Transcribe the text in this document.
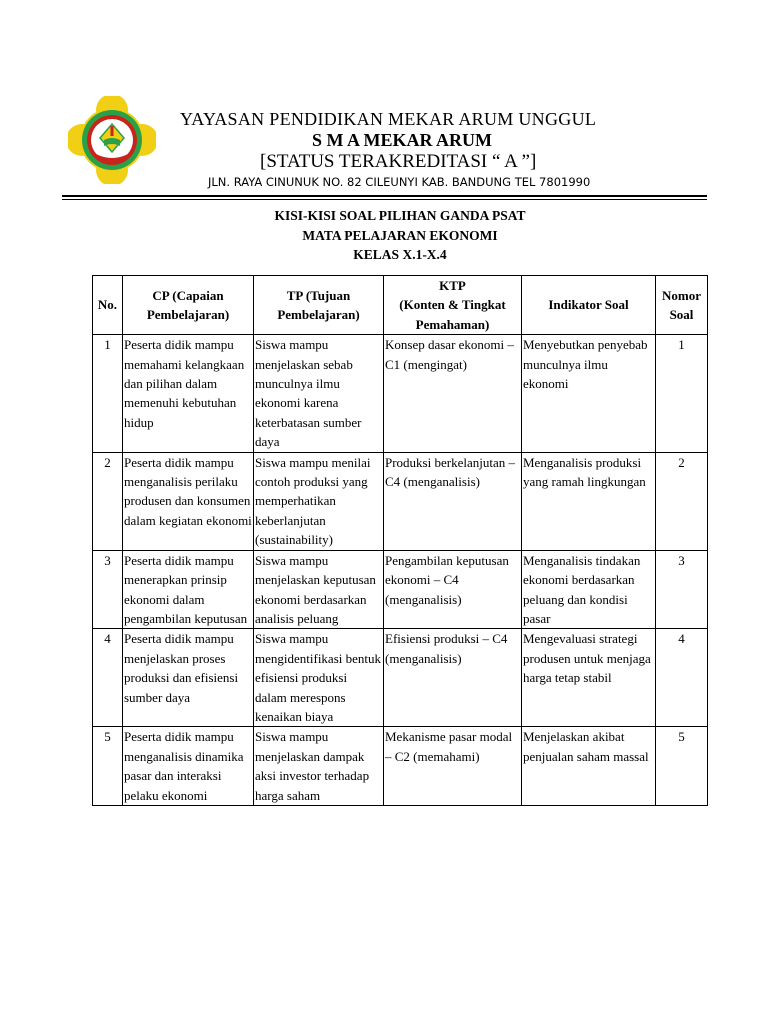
YAYASAN PENDIDIKAN MEKAR ARUM UNGGUL
S M A MEKAR ARUM
[STATUS TERAKREDITASI “ A ”]
JLN. RAYA CINUNUK NO. 82 CILEUNYI KAB. BANDUNG TEL 7801990
KISI-KISI SOAL PILIHAN GANDA PSAT
MATA PELAJARAN EKONOMI
KELAS X.1-X.4
No.	CP (Capaian Pembelajaran)	TP (Tujuan Pembelajaran)	KTP
(Konten & Tingkat Pemahaman)	Indikator Soal	Nomor Soal
1	Peserta didik mampu memahami kelangkaan dan pilihan dalam memenuhi kebutuhan hidup	Siswa mampu menjelaskan sebab munculnya ilmu ekonomi karena keterbatasan sumber daya	Konsep dasar ekonomi – C1 (mengingat)	Menyebutkan penyebab munculnya ilmu ekonomi	1
2	Peserta didik mampu menganalisis perilaku produsen dan konsumen dalam kegiatan ekonomi	Siswa mampu menilai contoh produksi yang memperhatikan keberlanjutan (sustainability)	Produksi berkelanjutan – C4 (menganalisis)	Menganalisis produksi yang ramah lingkungan	2
3	Peserta didik mampu menerapkan prinsip ekonomi dalam pengambilan keputusan	Siswa mampu menjelaskan keputusan ekonomi berdasarkan analisis peluang	Pengambilan keputusan ekonomi – C4 (menganalisis)	Menganalisis tindakan ekonomi berdasarkan peluang dan kondisi pasar	3
4	Peserta didik mampu menjelaskan proses produksi dan efisiensi sumber daya	Siswa mampu mengidentifikasi bentuk efisiensi produksi dalam merespons kenaikan biaya	Efisiensi produksi – C4 (menganalisis)	Mengevaluasi strategi produsen untuk menjaga harga tetap stabil	4
5	Peserta didik mampu menganalisis dinamika pasar dan interaksi pelaku ekonomi	Siswa mampu menjelaskan dampak aksi investor terhadap harga saham	Mekanisme pasar modal – C2 (memahami)	Menjelaskan akibat penjualan saham massal	5
